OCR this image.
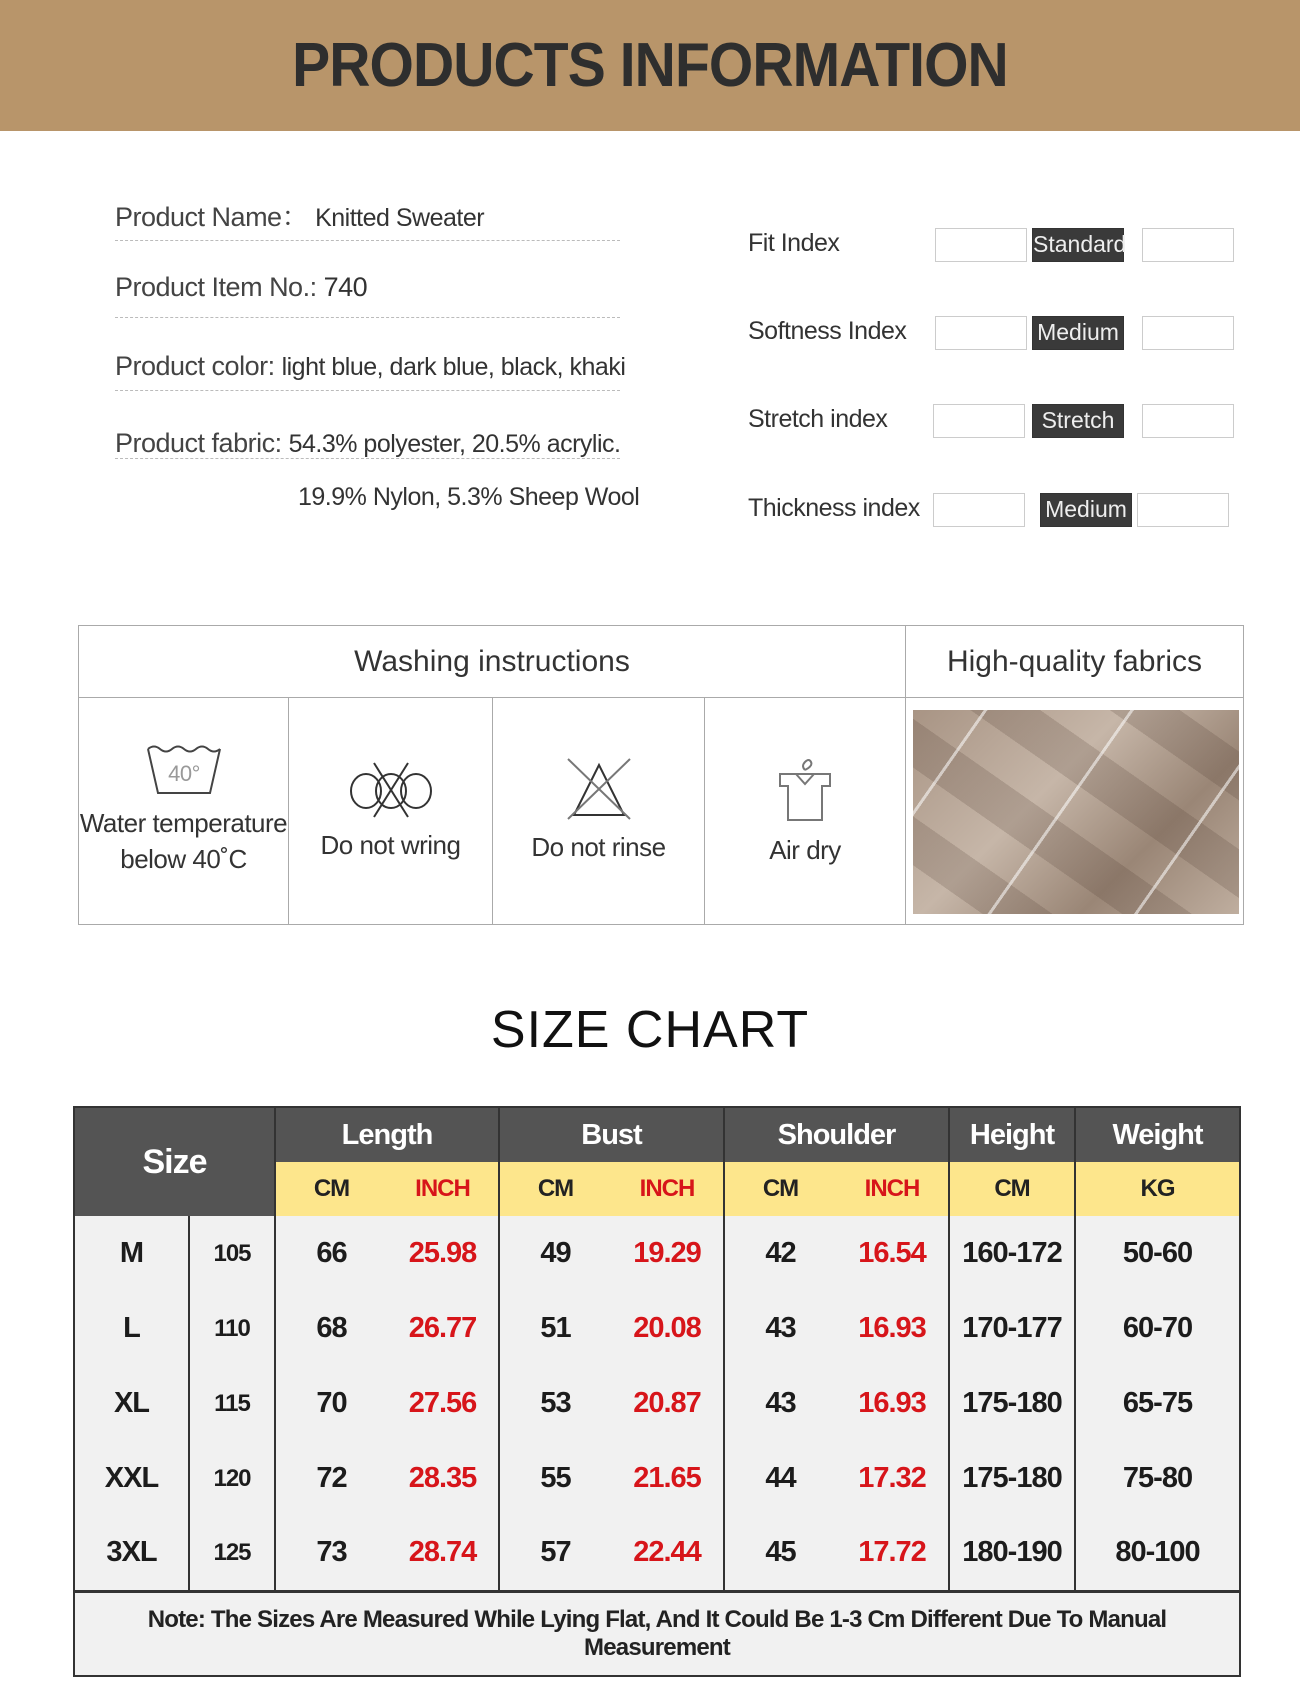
PRODUCTS INFORMATION
Product Name： Knitted Sweater
Product Item No.: 740
Product color: light blue, dark blue, black, khaki
Product fabric: 54.3% polyester, 20.5% acrylic.
19.9% Nylon, 5.3% Sheep Wool
Fit Index	Standard
Softness Index	Medium
Stretch index	Stretch
Thickness index	Medium
Washing instructions	High-quality fabrics
40°
Water temperature
below 40˚C	Do not wring	Do not rinse	Air dry
SIZE CHART
Size		Length		Bust		Shoulder		Height	Weight
		CM	INCH	CM	INCH	CM	INCH	CM	KG
M	105	66	25.98	49	19.29	42	16.54	160-172	50-60
L	110	68	26.77	51	20.08	43	16.93	170-177	60-70
XL	115	70	27.56	53	20.87	43	16.93	175-180	65-75
XXL	120	72	28.35	55	21.65	44	17.32	175-180	75-80
3XL	125	73	28.74	57	22.44	45	17.72	180-190	80-100
Note: The Sizes Are Measured While Lying Flat, And It Could Be 1-3 Cm Different Due To Manual Measurement									
